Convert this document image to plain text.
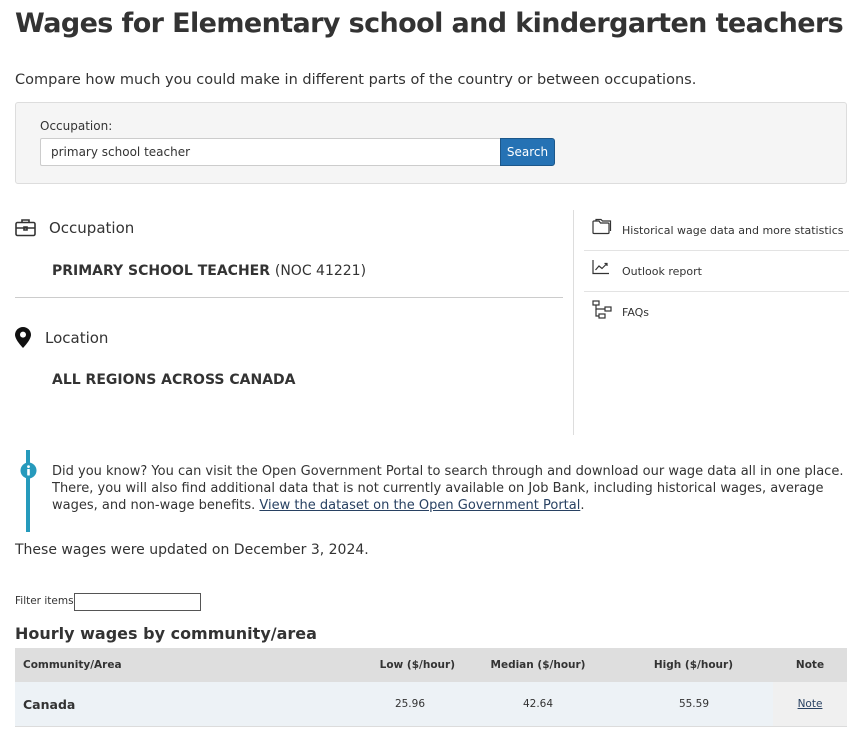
Wages for Elementary school and kindergarten teachers
Compare how much you could make in different parts of the country or between occupations.
Occupation:
primary school teacher
Search
Occupation
PRIMARY SCHOOL TEACHER (NOC 41221)
Location
ALL REGIONS ACROSS CANADA
Historical wage data and more statistics
Outlook report
FAQs
Did you know? You can visit the Open Government Portal to search through and download our wage data all in one place. There, you will also find additional data that is not currently available on Job Bank, including historical wages, average wages, and non-wage benefits. View the dataset on the Open Government Portal.
These wages were updated on December 3, 2024.
Filter items
Hourly wages by community/area
Community/Area	Low ($/hour)	Median ($/hour)	High ($/hour)	Note
Canada	25.96	42.64	55.59	Note
